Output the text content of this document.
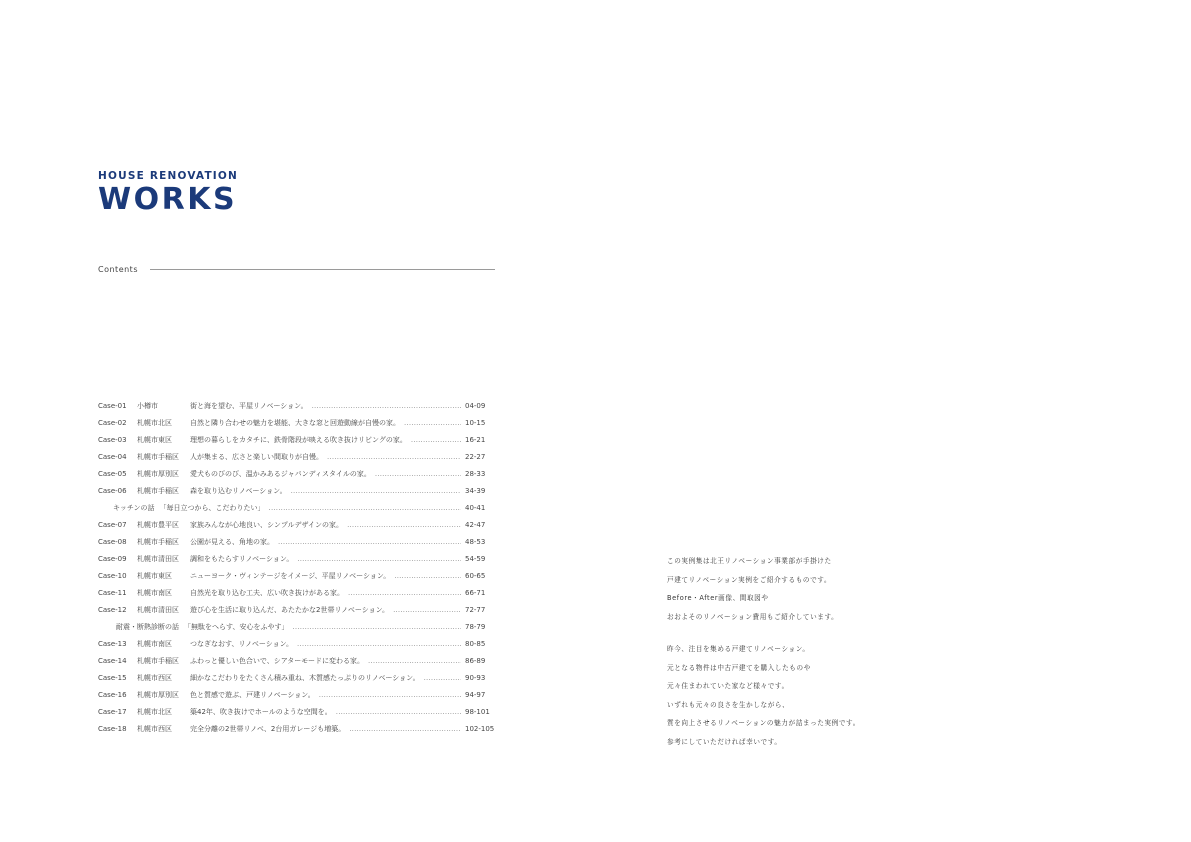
HOUSE RENOVATION
WORKS
Contents
Case-01	小樽市	街と海を望む、平屋リノベーション。 .....	04-09
Case-02	札幌市北区	自然と隣り合わせの魅力を堪能、大きな窓と回遊動線が自慢の家。 .....	10-15
Case-03	札幌市東区	理想の暮らしをカタチに、鉄骨階段が映える吹き抜けリビングの家。 .....	16-21
Case-04	札幌市手稲区	人が集まる、広さと楽しい間取りが自慢。 .....	22-27
Case-05	札幌市厚別区	愛犬ものびのび、温かみあるジャパンディスタイルの家。 .....	28-33
Case-06	札幌市手稲区	森を取り込むリノベーション。 .....	34-39
キッチンの話 「毎日立つから、こだわりたい」 .....	40-41
Case-07	札幌市豊平区	家族みんなが心地良い、シンプルデザインの家。 .....	42-47
Case-08	札幌市手稲区	公園が見える、角地の家。 .....	48-53
Case-09	札幌市清田区	調和をもたらすリノベーション。 .....	54-59
Case-10	札幌市東区	ニューヨーク・ヴィンテージをイメージ、平屋リノベーション。 .....	60-65
Case-11	札幌市南区	自然光を取り込む工夫、広い吹き抜けがある家。 .....	66-71
Case-12	札幌市清田区	遊び心を生活に取り込んだ、あたたかな2世帯リノベーション。 .....	72-77
耐震・断熱診断の話 「無駄をへらす、安心をふやす」 .....	78-79
Case-13	札幌市南区	つなぎなおす、リノベーション。 .....	80-85
Case-14	札幌市手稲区	ふわっと優しい色合いで、シアターモードに変わる家。 .....	86-89
Case-15	札幌市西区	細かなこだわりをたくさん積み重ね、木質感たっぷりのリノベーション。 .....	90-93
Case-16	札幌市厚別区	色と質感で遊ぶ、戸建リノベーション。 .....	94-97
Case-17	札幌市北区	築42年、吹き抜けでホールのような空間を。 .....	98-101
Case-18	札幌市西区	完全分離の2世帯リノベ、2台用ガレージも増築。 .....	102-105

この実例集は北王リノベーション事業部が手掛けた

戸建てリノベーション実例をご紹介するものです。

Before・After画像、間取図や

おおよそのリノベーション費用もご紹介しています。

昨今、注目を集める戸建てリノベーション。

元となる物件は中古戸建てを購入したものや

元々住まわれていた家など様々です。

いずれも元々の良さを生かしながら、

質を向上させるリノベーションの魅力が詰まった実例です。

参考にしていただければ幸いです。
